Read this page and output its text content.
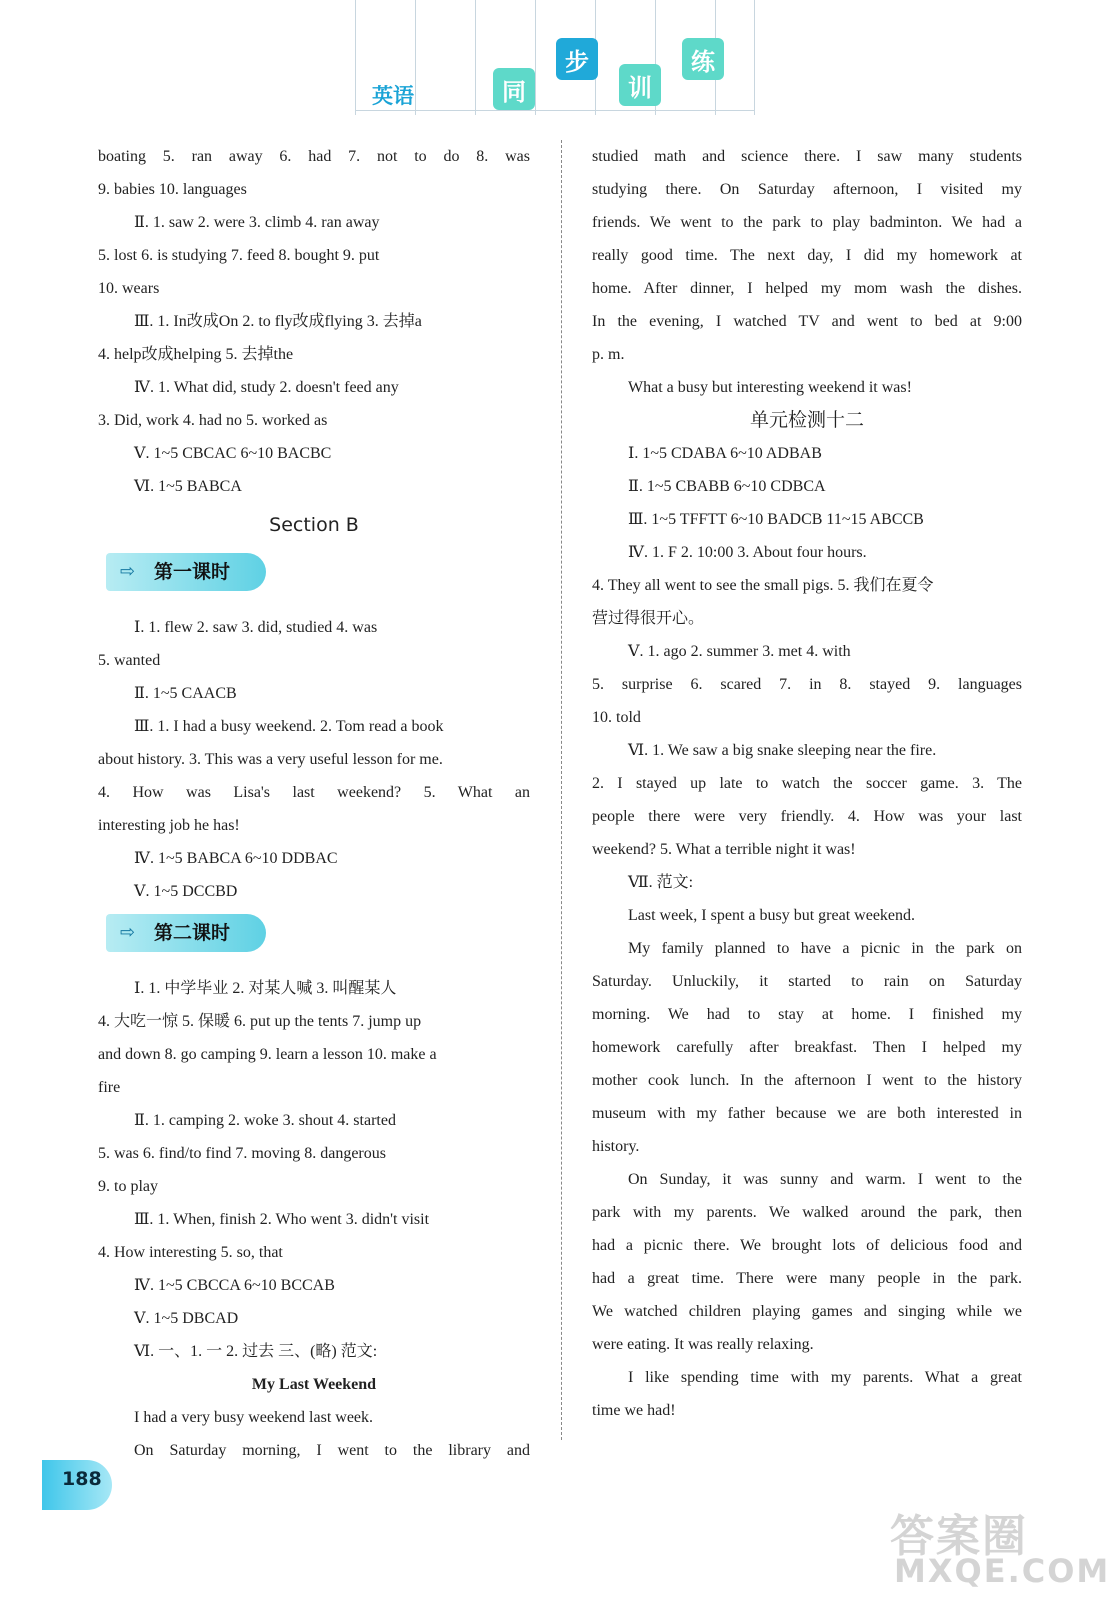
英语	同
步
训
练
boating 5. ran away 6. had 7. not to do 8. was
9. babies 10. languages
Ⅱ. 1. saw 2. were 3. climb 4. ran away
5. lost 6. is studying 7. feed 8. bought 9. put
10. wears
Ⅲ. 1. In改成On 2. to fly改成flying 3. 去掉a
4. help改成helping 5. 去掉the
Ⅳ. 1. What did, study 2. doesn't feed any
3. Did, work 4. had no 5. worked as
Ⅴ. 1~5 CBCAC 6~10 BACBC
Ⅵ. 1~5 BABCA
Section B
⇨ 第一课时
Ⅰ. 1. flew 2. saw 3. did, studied 4. was
5. wanted
Ⅱ. 1~5 CAACB
Ⅲ. 1. I had a busy weekend. 2. Tom read a book
about history. 3. This was a very useful lesson for me.
4. How was Lisa's last weekend? 5. What an
interesting job he has!
Ⅳ. 1~5 BABCA 6~10 DDBAC
Ⅴ. 1~5 DCCBD
⇨ 第二课时
Ⅰ. 1. 中学毕业 2. 对某人喊 3. 叫醒某人
4. 大吃一惊 5. 保暖 6. put up the tents 7. jump up
and down 8. go camping 9. learn a lesson 10. make a
fire
Ⅱ. 1. camping 2. woke 3. shout 4. started
5. was 6. find/to find 7. moving 8. dangerous
9. to play
Ⅲ. 1. When, finish 2. Who went 3. didn't visit
4. How interesting 5. so, that
Ⅳ. 1~5 CBCCA 6~10 BCCAB
Ⅴ. 1~5 DBCAD
Ⅵ. 一、1. 一 2. 过去 三、(略) 范文:
My Last Weekend
I had a very busy weekend last week.
On Saturday morning, I went to the library and
studied math and science there. I saw many students
studying there. On Saturday afternoon, I visited my
friends. We went to the park to play badminton. We had a
really good time. The next day, I did my homework at
home. After dinner, I helped my mom wash the dishes.
In the evening, I watched TV and went to bed at 9:00
p. m.
What a busy but interesting weekend it was!
单元检测十二
Ⅰ. 1~5 CDABA 6~10 ADBAB
Ⅱ. 1~5 CBABB 6~10 CDBCA
Ⅲ. 1~5 TFFTT 6~10 BADCB 11~15 ABCCB
Ⅳ. 1. F 2. 10:00 3. About four hours.
4. They all went to see the small pigs. 5. 我们在夏令
营过得很开心。
Ⅴ. 1. ago 2. summer 3. met 4. with
5. surprise 6. scared 7. in 8. stayed 9. languages
10. told
Ⅵ. 1. We saw a big snake sleeping near the fire.
2. I stayed up late to watch the soccer game. 3. The
people there were very friendly. 4. How was your last
weekend? 5. What a terrible night it was!
Ⅶ. 范文:
Last week, I spent a busy but great weekend.
My family planned to have a picnic in the park on
Saturday. Unluckily, it started to rain on Saturday
morning. We had to stay at home. I finished my
homework carefully after breakfast. Then I helped my
mother cook lunch. In the afternoon I went to the history
museum with my father because we are both interested in
history.
On Sunday, it was sunny and warm. I went to the
park with my parents. We walked around the park, then
had a picnic there. We brought lots of delicious food and
had a great time. There were many people in the park.
We watched children playing games and singing while we
were eating. It was really relaxing.
I like spending time with my parents. What a great
time we had!
188
答案圈
MXQE.COM
